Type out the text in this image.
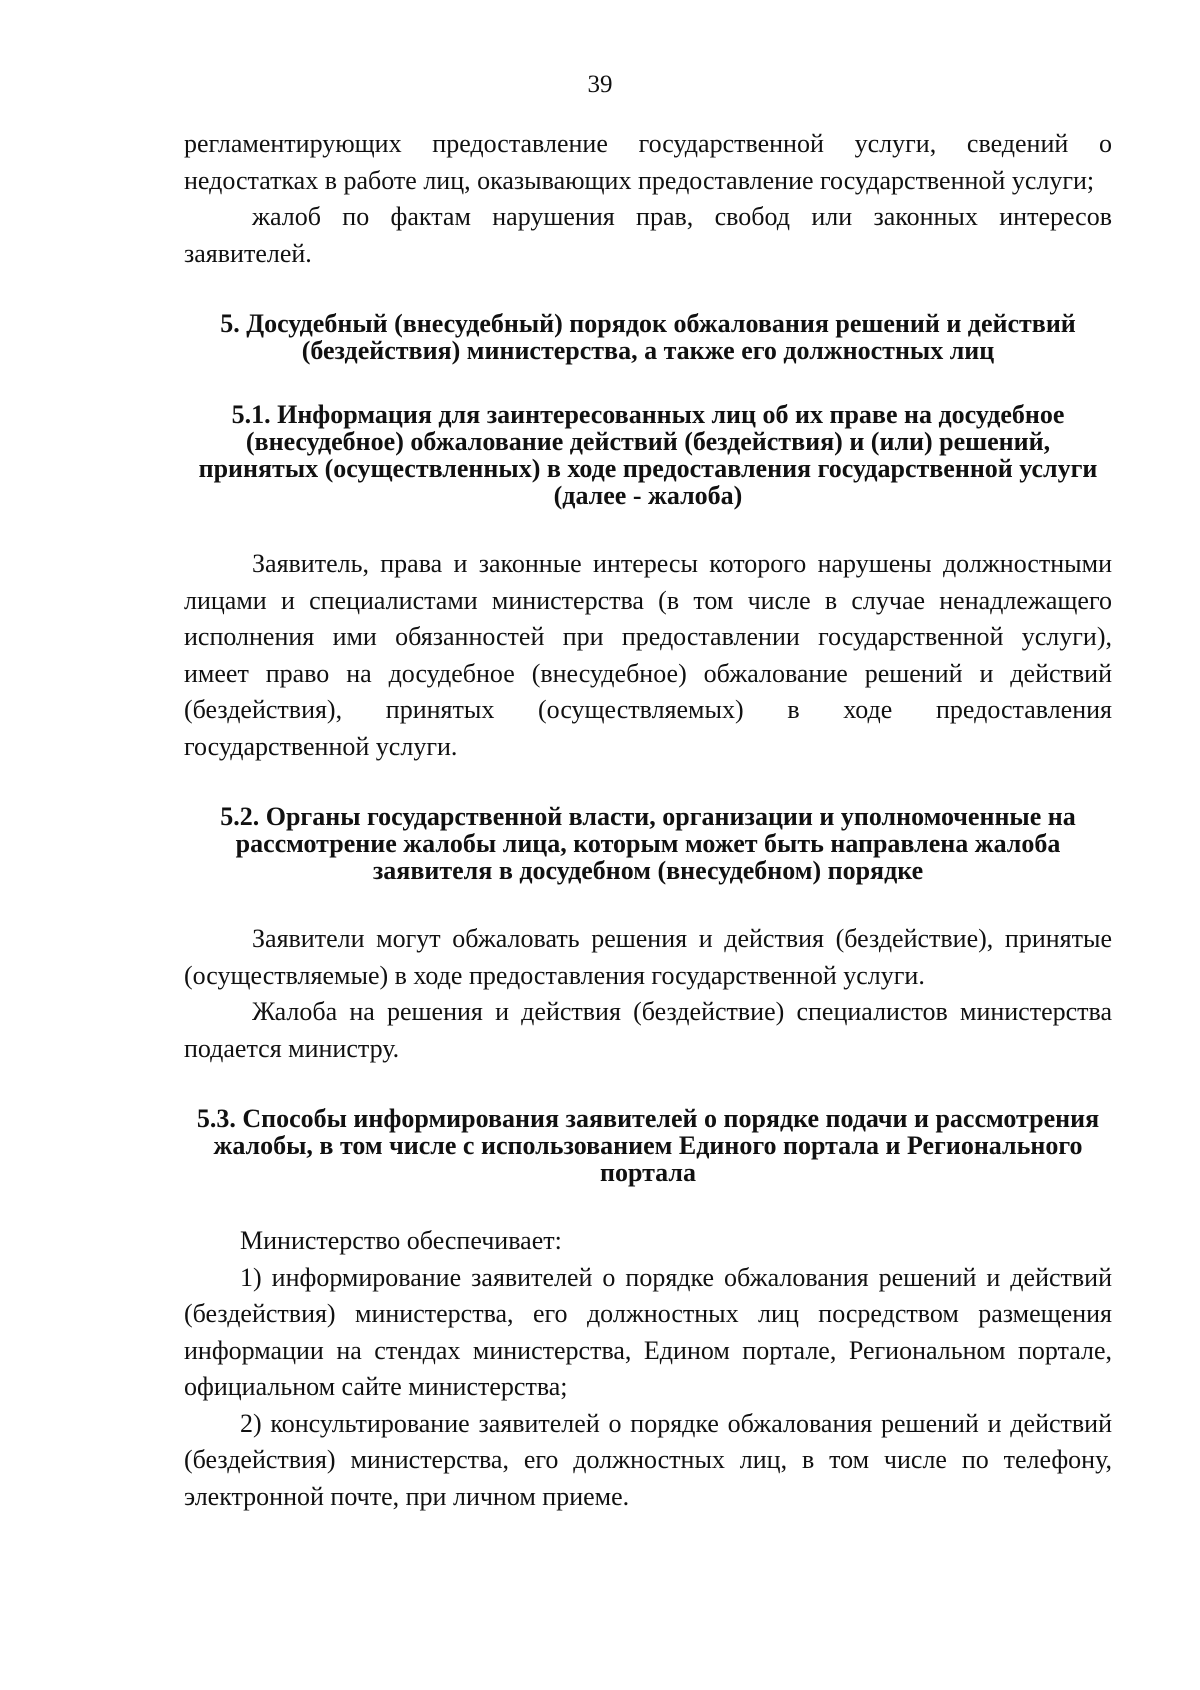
39

регламентирующих предоставление государственной услуги, сведений о недостатках в работе лиц, оказывающих предоставление государственной услуги;

жалоб по фактам нарушения прав, свобод или законных интересов заявителей.

5. Досудебный (внесудебный) порядок обжалования решений и действий (бездействия) министерства, а также его должностных лиц
5.1. Информация для заинтересованных лиц об их праве на досудебное (внесудебное) обжалование действий (бездействия) и (или) решений, принятых (осуществленных) в ходе предоставления государственной услуги (далее - жалоба)

Заявитель, права и законные интересы которого нарушены должностными лицами и специалистами министерства (в том числе в случае ненадлежащего исполнения ими обязанностей при предоставлении государственной услуги), имеет право на досудебное (внесудебное) обжалование решений и действий (бездействия), принятых (осуществляемых) в ходе предоставления государственной услуги.

5.2. Органы государственной власти, организации и уполномоченные на рассмотрение жалобы лица, которым может быть направлена жалоба заявителя в досудебном (внесудебном) порядке

Заявители могут обжаловать решения и действия (бездействие), принятые (осуществляемые) в ходе предоставления государственной услуги.

Жалоба на решения и действия (бездействие) специалистов министерства подается министру.

5.3. Способы информирования заявителей о порядке подачи и рассмотрения жалобы, в том числе с использованием Единого портала и Регионального портала

Министерство обеспечивает:

1) информирование заявителей о порядке обжалования решений и действий (бездействия) министерства, его должностных лиц посредством размещения информации на стендах министерства, Едином портале, Региональном портале, официальном сайте министерства;

2) консультирование заявителей о порядке обжалования решений и действий (бездействия) министерства, его должностных лиц, в том числе по телефону, электронной почте, при личном приеме.
